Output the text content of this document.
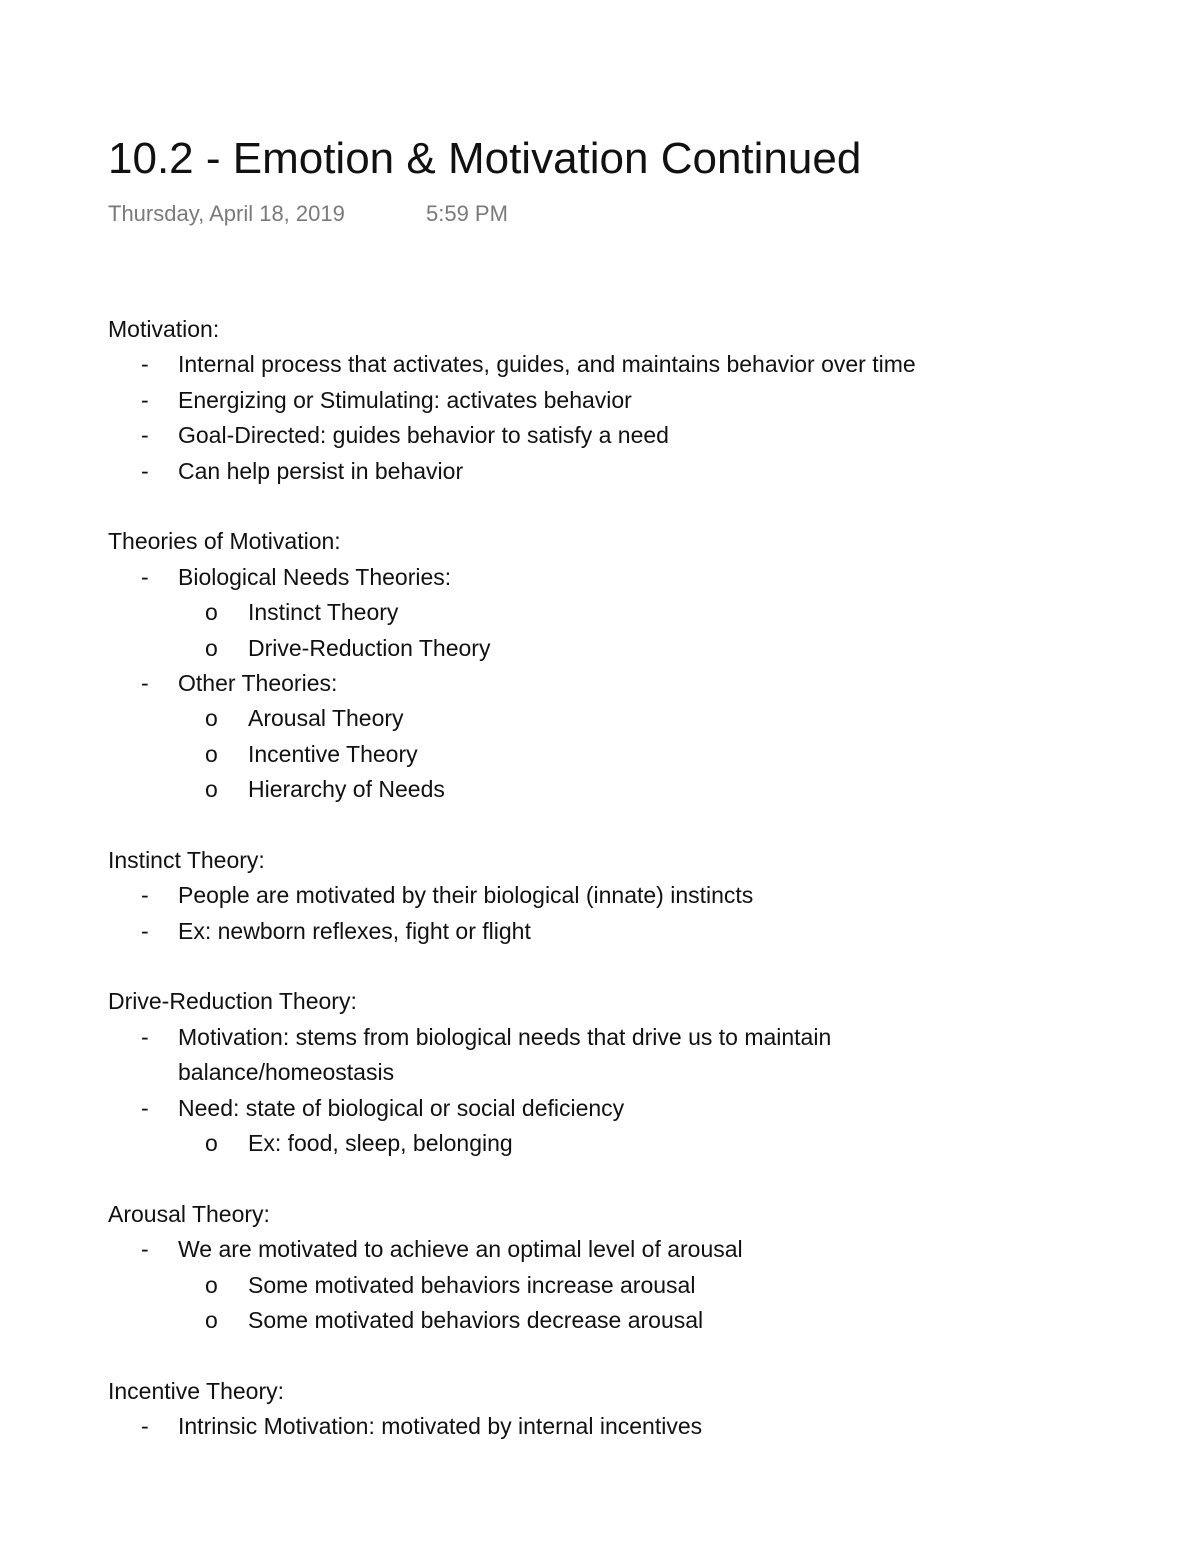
10.2 - Emotion & Motivation Continued
Thursday, April 18, 2019	5:59 PM
Motivation:
- Internal process that activates, guides, and maintains behavior over time
- Energizing or Stimulating: activates behavior
- Goal-Directed: guides behavior to satisfy a need
- Can help persist in behavior
Theories of Motivation:
- Biological Needs Theories:
o Instinct Theory
o Drive-Reduction Theory
- Other Theories:
o Arousal Theory
o Incentive Theory
o Hierarchy of Needs
Instinct Theory:
- People are motivated by their biological (innate) instincts
- Ex: newborn reflexes, fight or flight
Drive-Reduction Theory:
- Motivation: stems from biological needs that drive us to maintain
balance/homeostasis
- Need: state of biological or social deficiency
o Ex: food, sleep, belonging
Arousal Theory:
- We are motivated to achieve an optimal level of arousal
o Some motivated behaviors increase arousal
o Some motivated behaviors decrease arousal
Incentive Theory:
- Intrinsic Motivation: motivated by internal incentives
